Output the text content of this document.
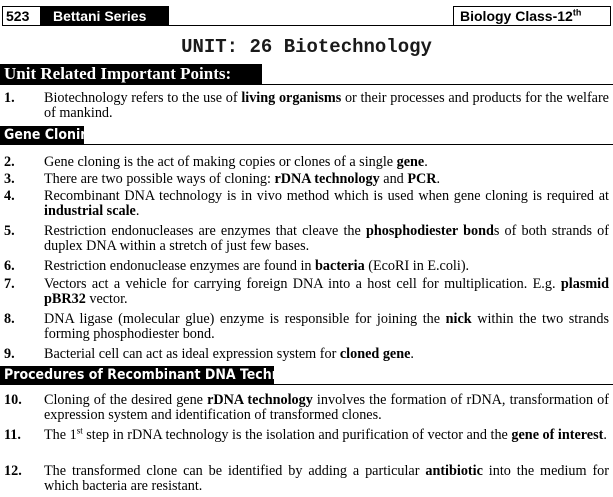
523	Bettani Series	Biology Class-12th
UNIT: 26 Biotechnology
Unit Related Important Points:
1. Biotechnology refers to the use of living organisms or their processes and products for the welfare of mankind.
Gene Cloning:
2. Gene cloning is the act of making copies or clones of a single gene.
3. There are two possible ways of cloning: rDNA technology and PCR.
4. Recombinant DNA technology is in vivo method which is used when gene cloning is required at industrial scale.
5. Restriction endonucleases are enzymes that cleave the phosphodiester bonds of both strands of duplex DNA within a stretch of just few bases.
6. Restriction endonuclease enzymes are found in bacteria (EcoRI in E.coli).
7. Vectors act a vehicle for carrying foreign DNA into a host cell for multiplication. E.g. plasmid pBR32 vector.
8. DNA ligase (molecular glue) enzyme is responsible for joining the nick within the two strands forming phosphodiester bond.
9. Bacterial cell can act as ideal expression system for cloned gene.
Procedures of Recombinant DNA Technology:
10. Cloning of the desired gene rDNA technology involves the formation of rDNA, transformation of expression system and identification of transformed clones.
11. The 1st step in rDNA technology is the isolation and purification of vector and the gene of interest.
12. The transformed clone can be identified by adding a particular antibiotic into the medium for which bacteria are resistant.
